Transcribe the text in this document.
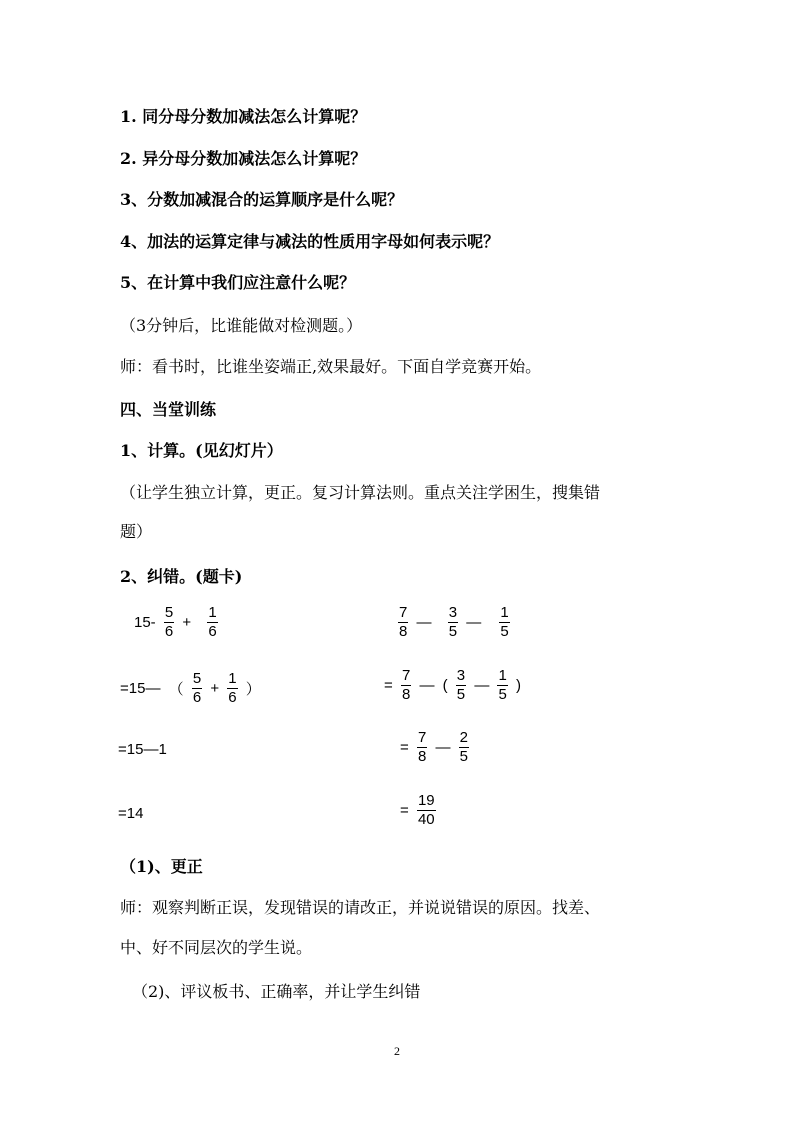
1. 同分母分数加减法怎么计算呢？
2. 异分母分数加减法怎么计算呢？
3、分数加减混合的运算顺序是什么呢？
4、加法的运算定律与减法的性质用字母如何表示呢？
5、在计算中我们应注意什么呢？
（3分钟后，比谁能做对检测题。）
师：看书时，比谁坐姿端正,效果最好。下面自学竞赛开始。
四、当堂训练
1、计算。(见幻灯片）
（让学生独立计算，更正。复习计算法则。重点关注学困生，搜集错
题）
2、纠错。(题卡)
$15- \frac{5}{6} + \frac{1}{6}$
=15— （ $\frac{5}{6} + \frac{1}{6}$ ）
=15—1
=14
$\frac{7}{8}$ — $\frac{3}{5}$ — $\frac{1}{5}$
= $\frac{7}{8}$ — ( $\frac{3}{5}$ — $\frac{1}{5}$ )
= $\frac{7}{8}$ — $\frac{2}{5}$
= $\frac{19}{40}$
（1)、更正
师：观察判断正误，发现错误的请改正，并说说错误的原因。找差、
中、好不同层次的学生说。
（2)、评议板书、正确率，并让学生纠错
2
